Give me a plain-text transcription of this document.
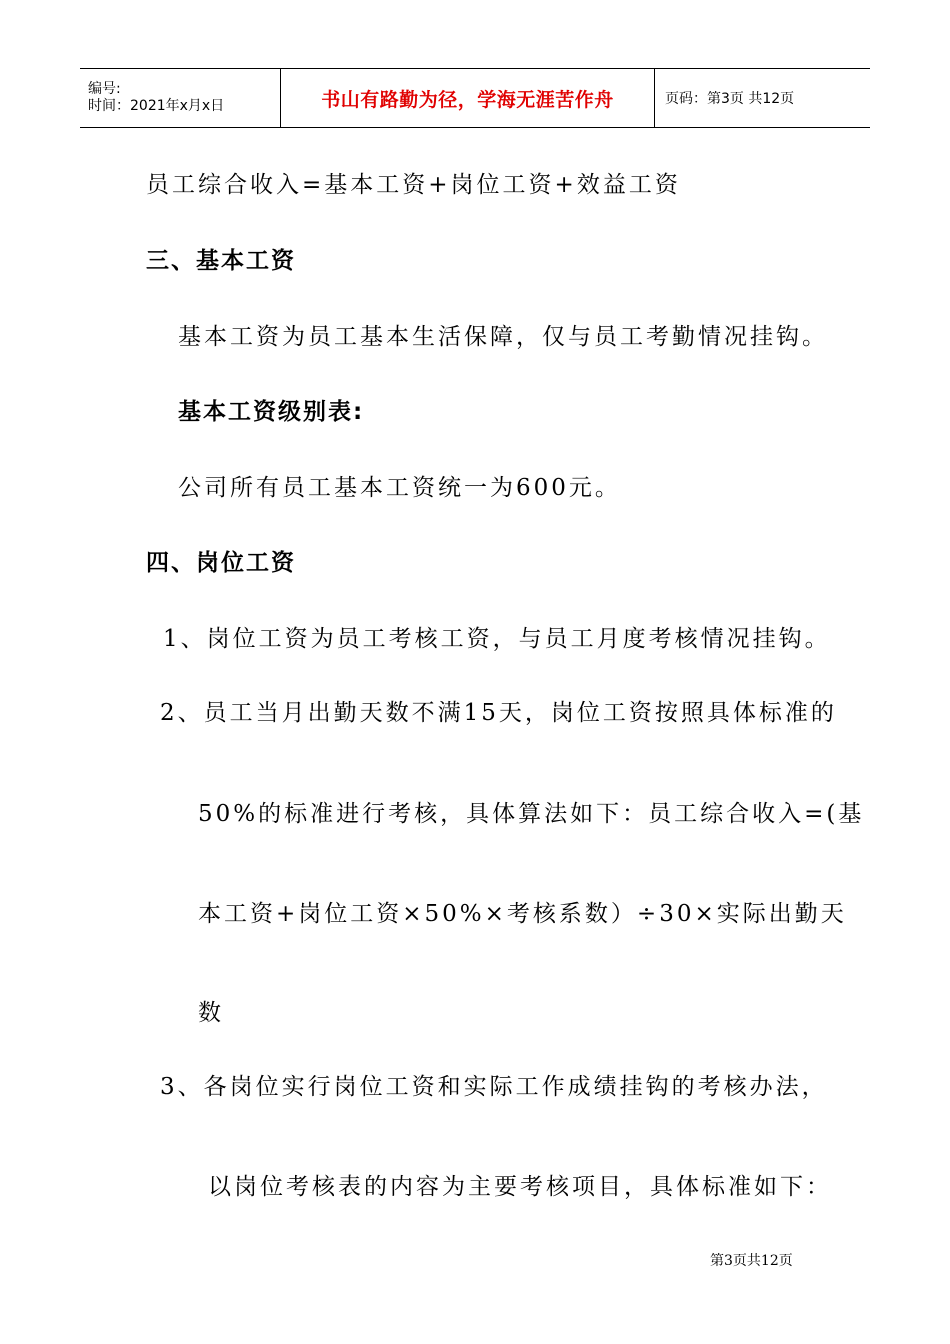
编号:
时间：2021年x月x日	书山有路勤为径，学海无涯苦作舟	页码：第3页 共12页
员工综合收入=基本工资+岗位工资+效益工资
三、基本工资
基本工资为员工基本生活保障，仅与员工考勤情况挂钩。
基本工资级别表:
公司所有员工基本工资统一为600元。
四、岗位工资
1、岗位工资为员工考核工资，与员工月度考核情况挂钩。
2、员工当月出勤天数不满15天，岗位工资按照具体标准的
50%的标准进行考核，具体算法如下：员工综合收入=(基
本工资+岗位工资×50%×考核系数）÷30×实际出勤天
数
3、各岗位实行岗位工资和实际工作成绩挂钩的考核办法，
以岗位考核表的内容为主要考核项目，具体标准如下：
第3页共12页
